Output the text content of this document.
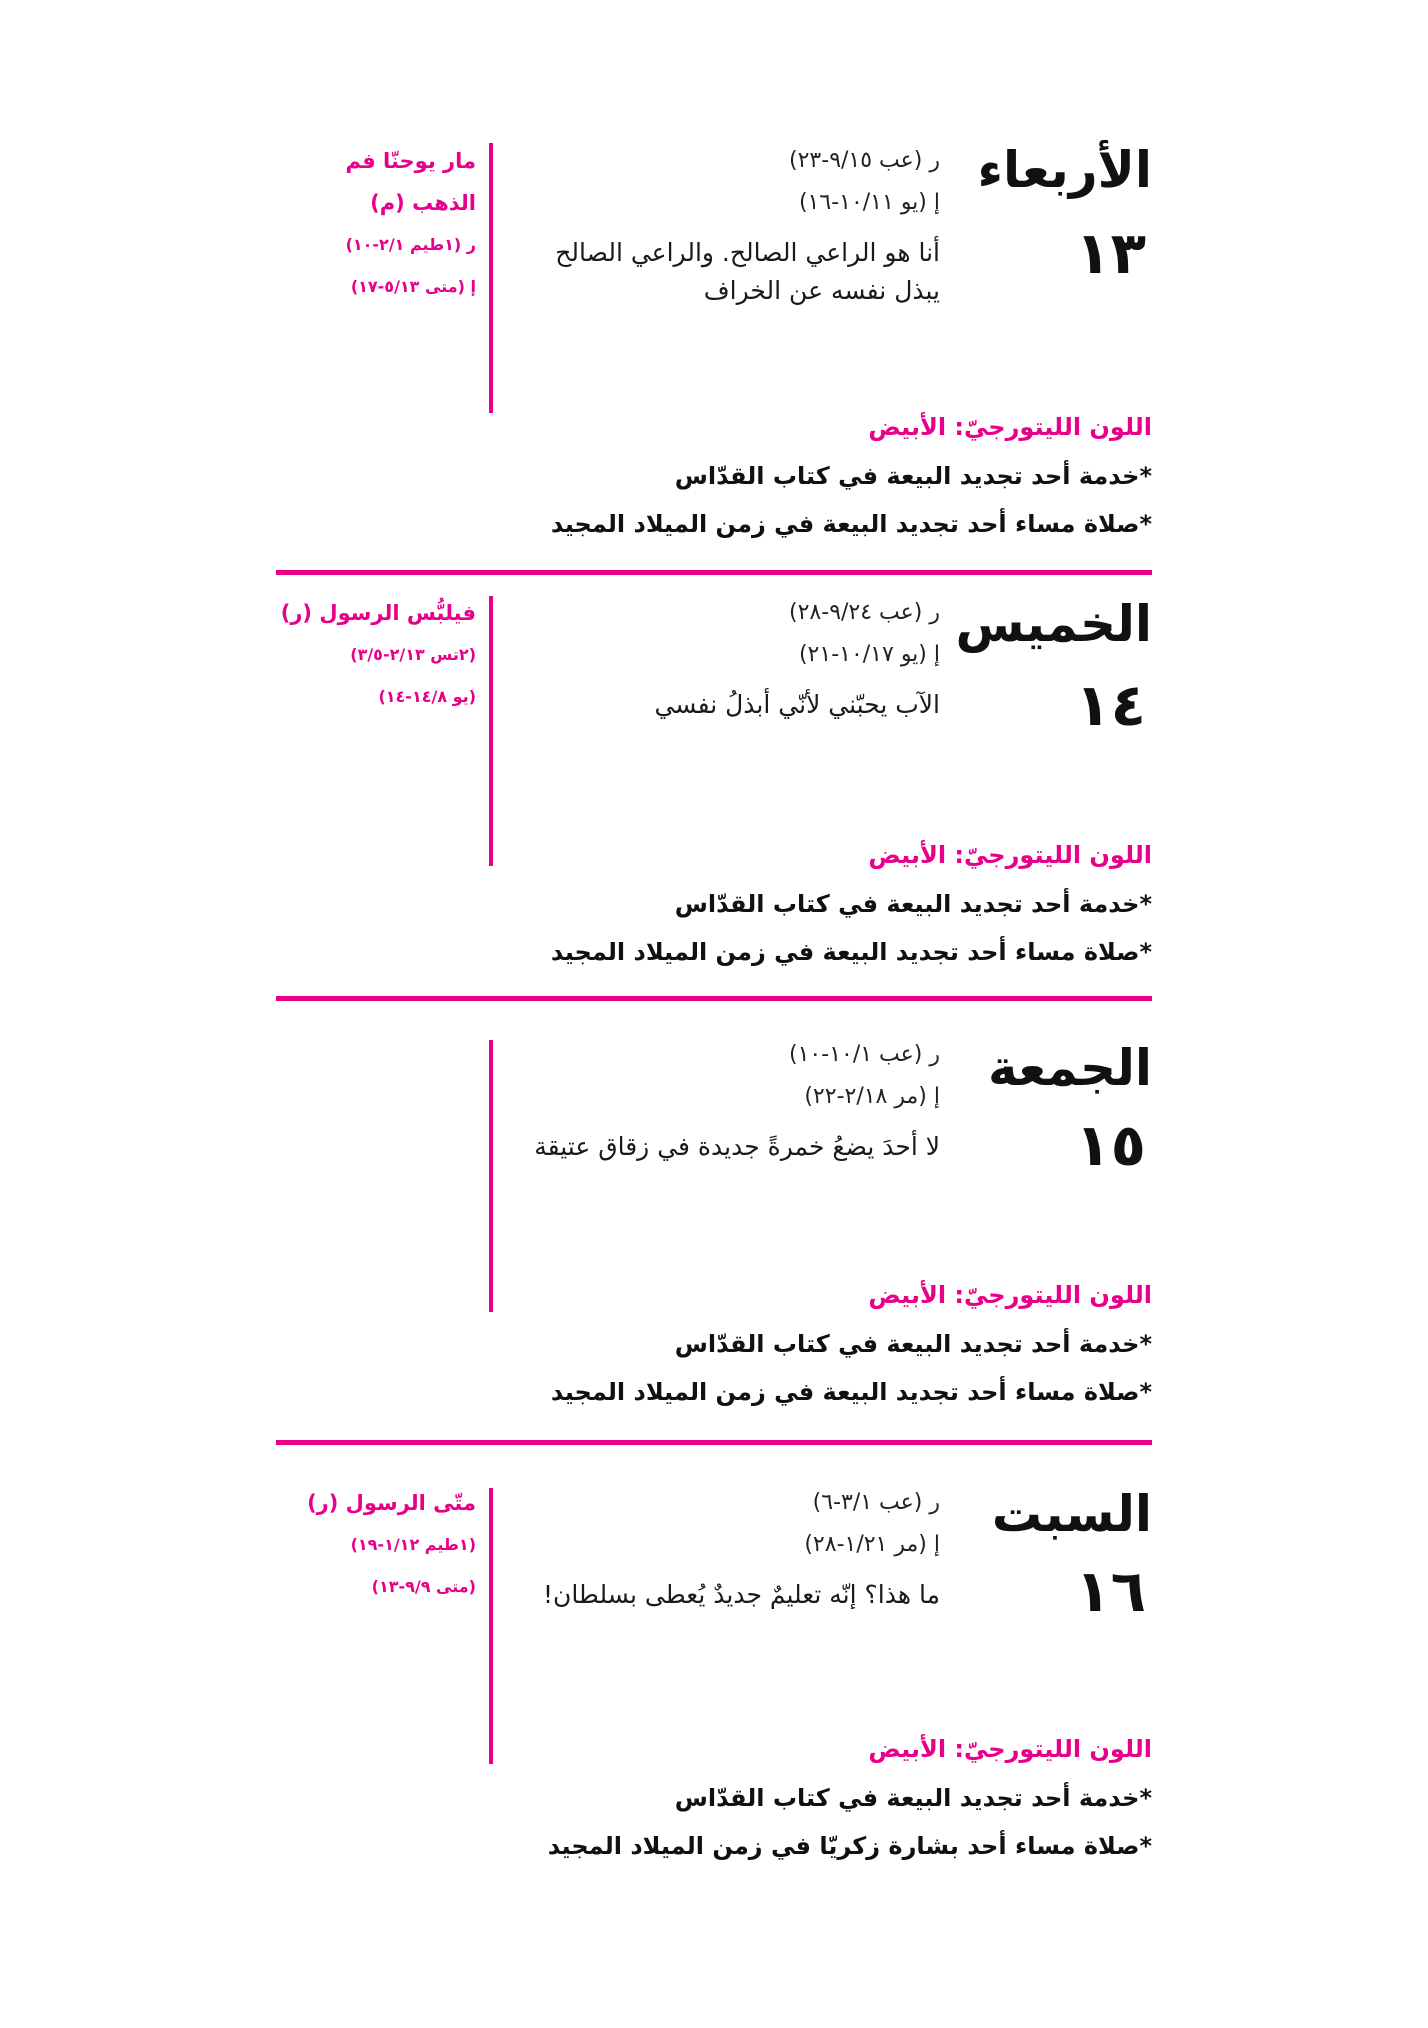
الأربعاء
١٣
ر (عب ٩/١٥-٢٣)
إ (يو ١٠/١١-١٦)
أنا هو الراعي الصالح. والراعي الصالح
يبذل نفسه عن الخراف
مار يوحنّا فم
الذهب (م)
ر (١طيم ٢/١-١٠)
إ (متى ٥/١٣-١٧)
اللون الليتورجيّ: الأبيض
*خدمة أحد تجديد البيعة في كتاب القدّاس
*صلاة مساء أحد تجديد البيعة في زمن الميلاد المجيد
الخميس
١٤
ر (عب ٩/٢٤-٢٨)
إ (يو ١٠/١٧-٢١)
الآب يحبّني لأنّي أبذلُ نفسي
فيلبُّس الرسول (ر)
(٢تس ٢/١٣-٣/٥)
(يو ١٤/٨-١٤)
اللون الليتورجيّ: الأبيض
*خدمة أحد تجديد البيعة في كتاب القدّاس
*صلاة مساء أحد تجديد البيعة في زمن الميلاد المجيد
الجمعة
١٥
ر (عب ١٠/١-١٠)
إ (مر ٢/١٨-٢٢)
لا أحدَ يضعُ خمرةً جديدة في زقاق عتيقة
اللون الليتورجيّ: الأبيض
*خدمة أحد تجديد البيعة في كتاب القدّاس
*صلاة مساء أحد تجديد البيعة في زمن الميلاد المجيد
السبت
١٦
ر (عب ٣/١-٦)
إ (مر ١/٢١-٢٨)
ما هذا؟ إنّه تعليمٌ جديدٌ يُعطى بسلطان!
متّى الرسول (ر)
(١طيم ١/١٢-١٩)
(متى ٩/٩-١٣)
اللون الليتورجيّ: الأبيض
*خدمة أحد تجديد البيعة في كتاب القدّاس
*صلاة مساء أحد بشارة زكريّا في زمن الميلاد المجيد
